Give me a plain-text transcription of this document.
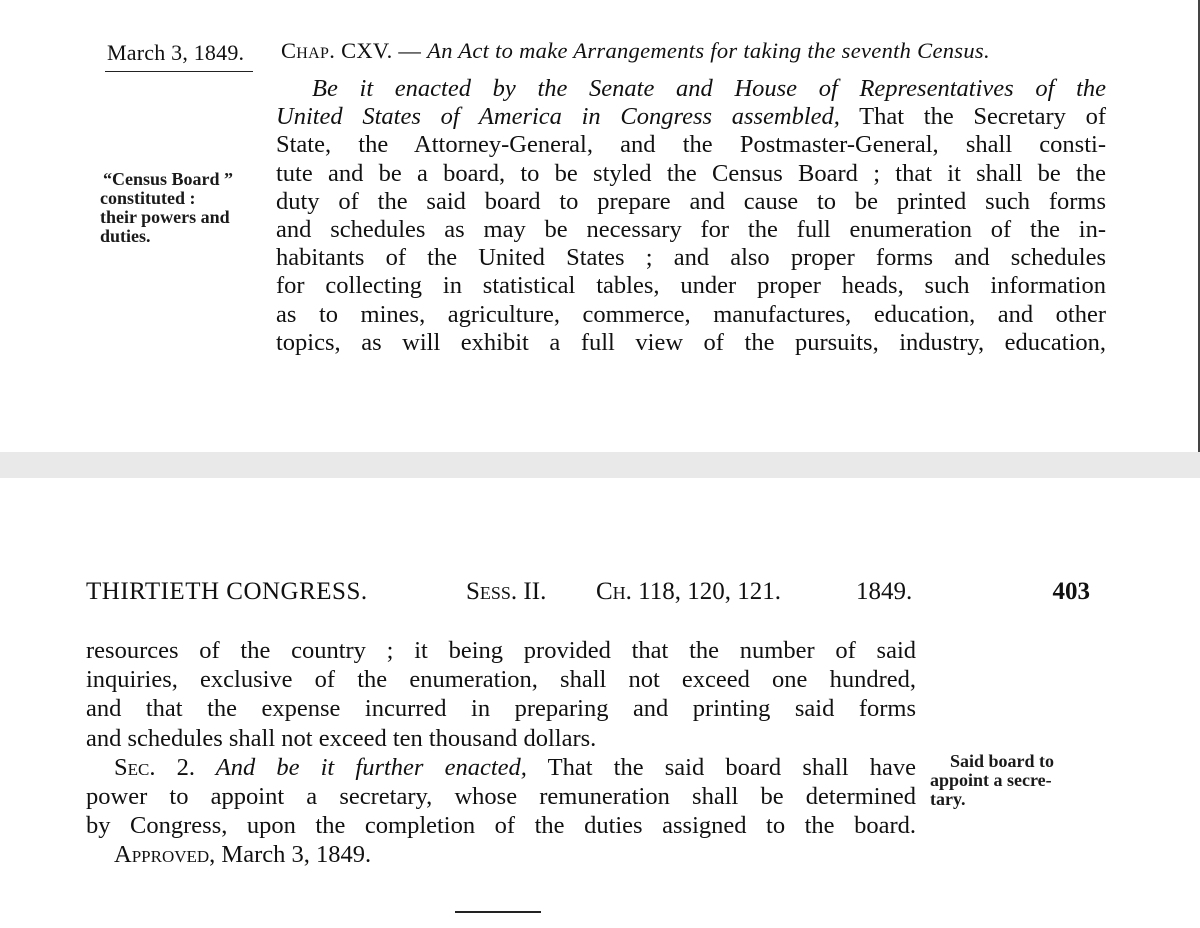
March 3, 1849. Chap. CXV. — An Act to make Arrangements for taking the seventh Census.
“Census Board ”
constituted :
their powers and
duties.
Be it enacted by the Senate and House of Representatives of the
United States of America in Congress assembled, That the Secretary of
State, the Attorney-General, and the Postmaster-General, shall consti-
tute and be a board, to be styled the Census Board ; that it shall be the
duty of the said board to prepare and cause to be printed such forms
and schedules as may be necessary for the full enumeration of the in-
habitants of the United States ; and also proper forms and schedules
for collecting in statistical tables, under proper heads, such information
as to mines, agriculture, commerce, manufactures, education, and other
topics, as will exhibit a full view of the pursuits, industry, education,
THIRTIETH CONGRESS.	Sess. II. Ch. 118, 120, 121.	1849.	403
resources of the country ; it being provided that the number of said
inquiries, exclusive of the enumeration, shall not exceed one hundred,
and that the expense incurred in preparing and printing said forms
and schedules shall not exceed ten thousand dollars.
Sec. 2. And be it further enacted, That the said board shall have
power to appoint a secretary, whose remuneration shall be determined
by Congress, upon the completion of the duties assigned to the board.
Approved, March 3, 1849.
Said board to
appoint a secre-
tary.
